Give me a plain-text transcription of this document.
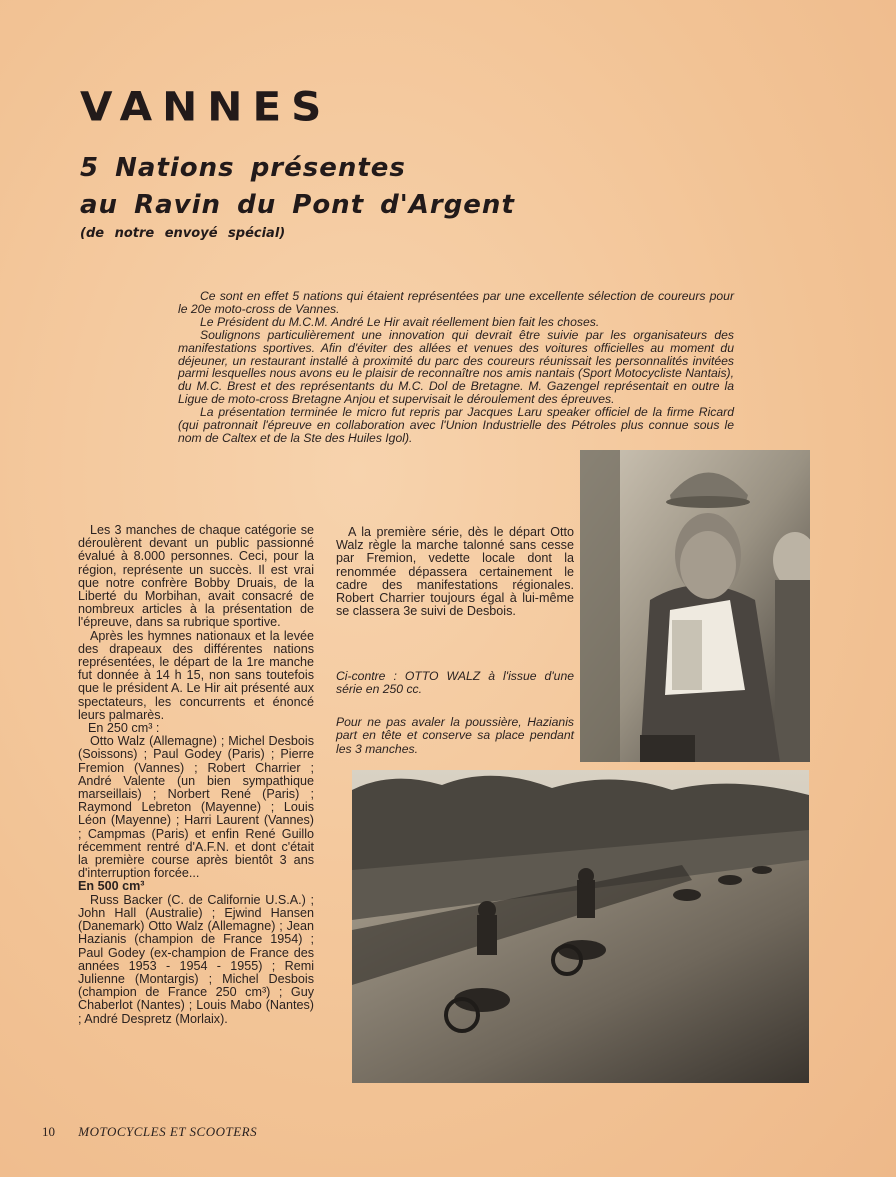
VANNES
5 Nations présentes
au Ravin du Pont d'Argent
(de notre envoyé spécial)

Ce sont en effet 5 nations qui étaient représentées par une excellente sélection de coureurs pour le 20e moto-cross de Vannes.

Le Président du M.C.M. André Le Hir avait réellement bien fait les choses.

Soulignons particulièrement une innovation qui devrait être suivie par les organisateurs des manifestations sportives. Afin d'éviter des allées et venues des voitures officielles au moment du déjeuner, un restaurant installé à proximité du parc des coureurs réunissait les personnalités invitées parmi lesquelles nous avons eu le plaisir de reconnaître nos amis nantais (Sport Motocycliste Nantais), du M.C. Brest et des représentants du M.C. Dol de Bretagne. M. Gazengel représentait en outre la Ligue de moto-cross Bretagne Anjou et supervisait le déroulement des épreuves.

La présentation terminée le micro fut repris par Jacques Laru speaker officiel de la firme Ricard (qui patronnait l'épreuve en collaboration avec l'Union Industrielle des Pétroles plus connue sous le nom de Caltex et de la Ste des Huiles Igol).

Les 3 manches de chaque catégorie se déroulèrent devant un public passionné évalué à 8.000 personnes. Ceci, pour la région, représente un succès. Il est vrai que notre confrère Bobby Druais, de la Liberté du Morbihan, avait consacré de nombreux articles à la présentation de l'épreuve, dans sa rubrique sportive.

Après les hymnes nationaux et la levée des drapeaux des différentes nations représentées, le départ de la 1re manche fut donnée à 14 h 15, non sans toutefois que le président A. Le Hir ait présenté aux spectateurs, les concurrents et énoncé leurs palmarès.

En 250 cm³ :

Otto Walz (Allemagne) ; Michel Desbois (Soissons) ; Paul Godey (Paris) ; Pierre Fremion (Vannes) ; Robert Charrier ; André Valente (un bien sympathique marseillais) ; Norbert René (Paris) ; Raymond Lebreton (Mayenne) ; Louis Léon (Mayenne) ; Harri Laurent (Vannes) ; Campmas (Paris) et enfin René Guillo récemment rentré d'A.F.N. et dont c'était la première course après bientôt 3 ans d'interruption forcée...

En 500 cm³

Russ Backer (C. de Californie U.S.A.) ; John Hall (Australie) ; Ejwind Hansen (Danemark) Otto Walz (Allemagne) ; Jean Hazianis (champion de France 1954) ; Paul Godey (ex-champion de France des années 1953 - 1954 - 1955) ; Remi Julienne (Montargis) ; Michel Desbois (champion de France 250 cm³) ; Guy Chaberlot (Nantes) ; Louis Mabo (Nantes) ; André Despretz (Morlaix).

A la première série, dès le départ Otto Walz règle la marche talonné sans cesse par Fremion, vedette locale dont la renommée dépassera certainement le cadre des manifestations régionales. Robert Charrier toujours égal à lui-même se classera 3e suivi de Desbois.

Ci-contre : OTTO WALZ à l'issue d'une série en 250 cc.
Pour ne pas avaler la poussière, Hazianis part en tête et conserve sa place pendant les 3 manches.
10 MOTOCYCLES ET SCOOTERS
